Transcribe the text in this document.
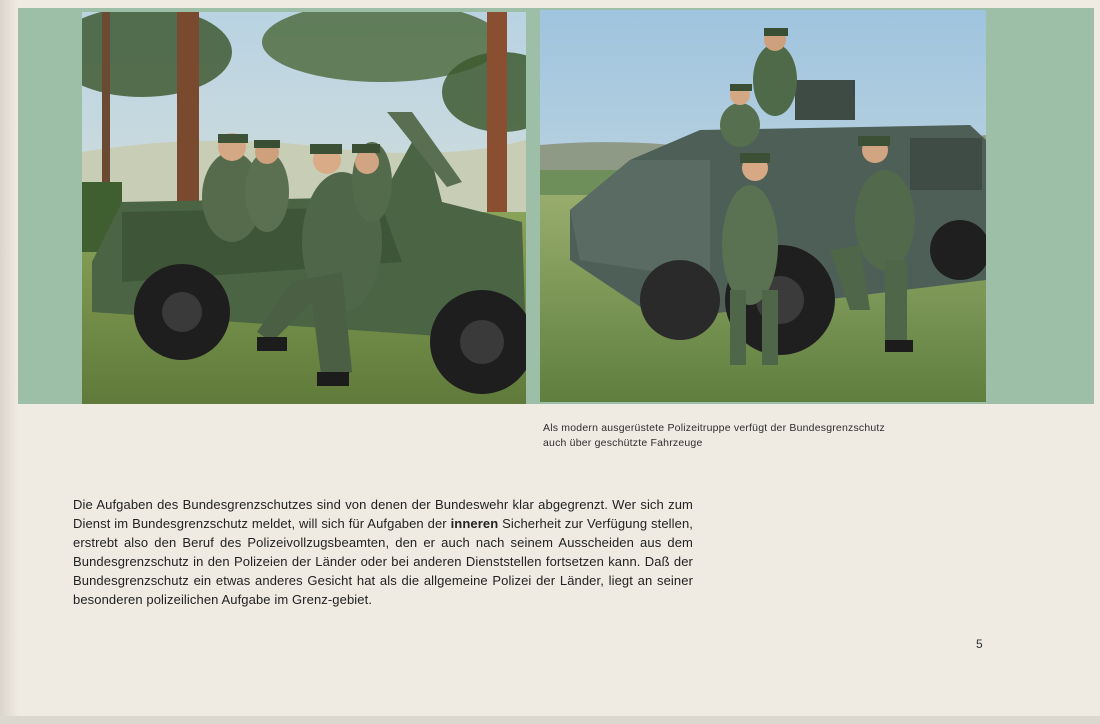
Als modern ausgerüstete Polizeitruppe verfügt der Bundesgrenzschutz
auch über geschützte Fahrzeuge
Die Aufgaben des Bundesgrenzschutzes sind von denen der Bundeswehr klar abgegrenzt. Wer sich zum Dienst im Bundesgrenzschutz meldet, will sich für Aufgaben der inneren Sicherheit zur Verfügung stellen, erstrebt also den Beruf des Polizeivollzugsbeamten, den er auch nach seinem Ausscheiden aus dem Bundesgrenzschutz in den Polizeien der Länder oder bei anderen Dienststellen fortsetzen kann. Daß der Bundesgrenzschutz ein etwas anderes Gesicht hat als die allgemeine Polizei der Länder, liegt an seiner besonderen polizeilichen Aufgabe im Grenz-gebiet.
5
